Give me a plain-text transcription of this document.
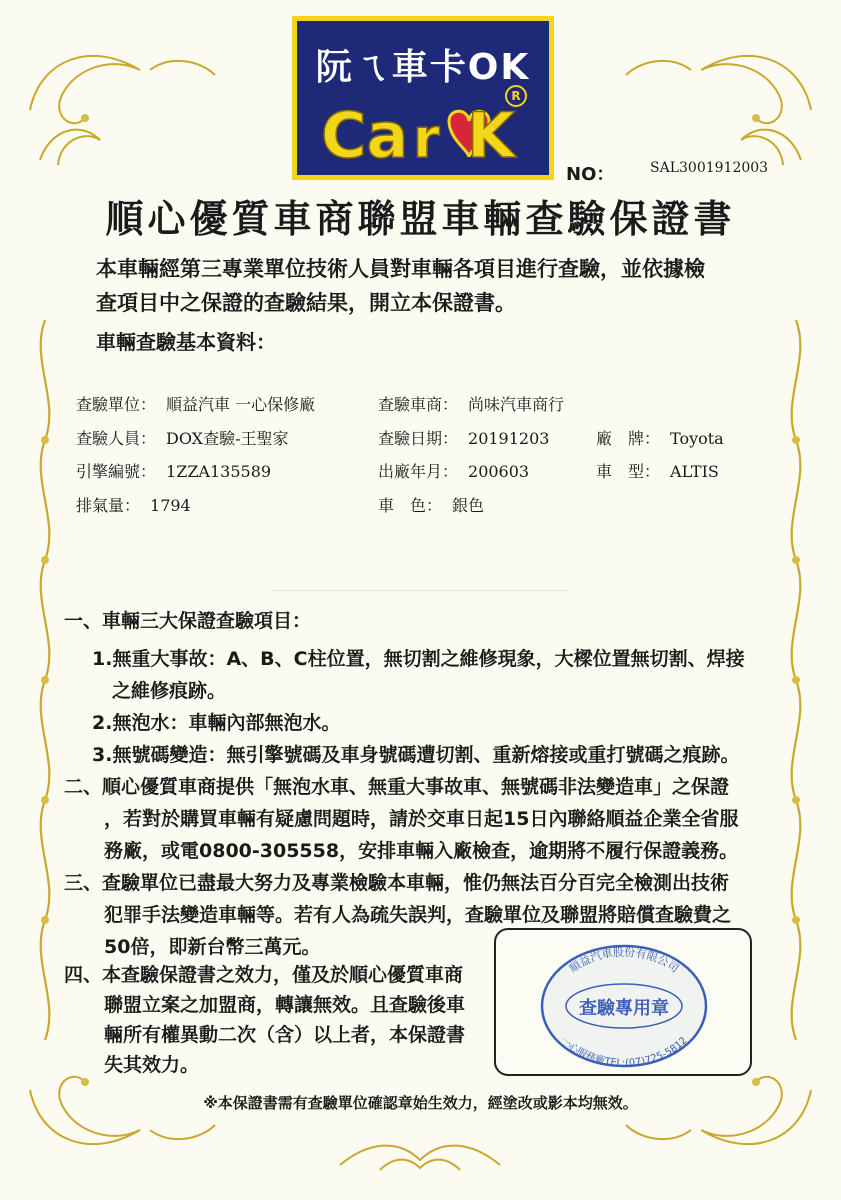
阮ㄟ車卡OK
R
Ca K
r
NO：	SAL3001912003
順心優質車商聯盟車輛查驗保證書
本車輛經第三專業單位技術人員對車輛各項目進行查驗，並依據檢
查項目中之保證的查驗結果，開立本保證書。
車輛查驗基本資料：
查驗單位： 順益汽車 一心保修廠	查驗車商： 尚味汽車商行
查驗人員： DOX查驗-王聖家	查驗日期： 20191203	廠　牌： Toyota
引擎編號： 1ZZA135589	出廠年月： 200603	車　型： ALTIS
排氣量： 1794	車　色： 銀色
一、車輛三大保證查驗項目：
1.無重大事故：A、B、C柱位置，無切割之維修現象，大樑位置無切割、焊接
之維修痕跡。
2.無泡水：車輛內部無泡水。
3.無號碼變造：無引擎號碼及車身號碼遭切割、重新熔接或重打號碼之痕跡。
二、順心優質車商提供「無泡水車、無重大事故車、無號碼非法變造車」之保證
，若對於購買車輛有疑慮問題時，請於交車日起15日內聯絡順益企業全省服
務廠，或電0800-305558，安排車輛入廠檢查，逾期將不履行保證義務。
三、查驗單位已盡最大努力及專業檢驗本車輛，惟仍無法百分百完全檢測出技術
犯罪手法變造車輛等。若有人為疏失誤判，查驗單位及聯盟將賠償查驗費之
50倍，即新台幣三萬元。
四、本查驗保證書之效力，僅及於順心優質車商
聯盟立案之加盟商，轉讓無效。且查驗後車
輛所有權異動二次（含）以上者，本保證書
失其效力。
順益汽車股份有限公司
查驗專用章
一心服務廠TEL:(07)725-5812
※本保證書需有查驗單位確認章始生效力，經塗改或影本均無效。
